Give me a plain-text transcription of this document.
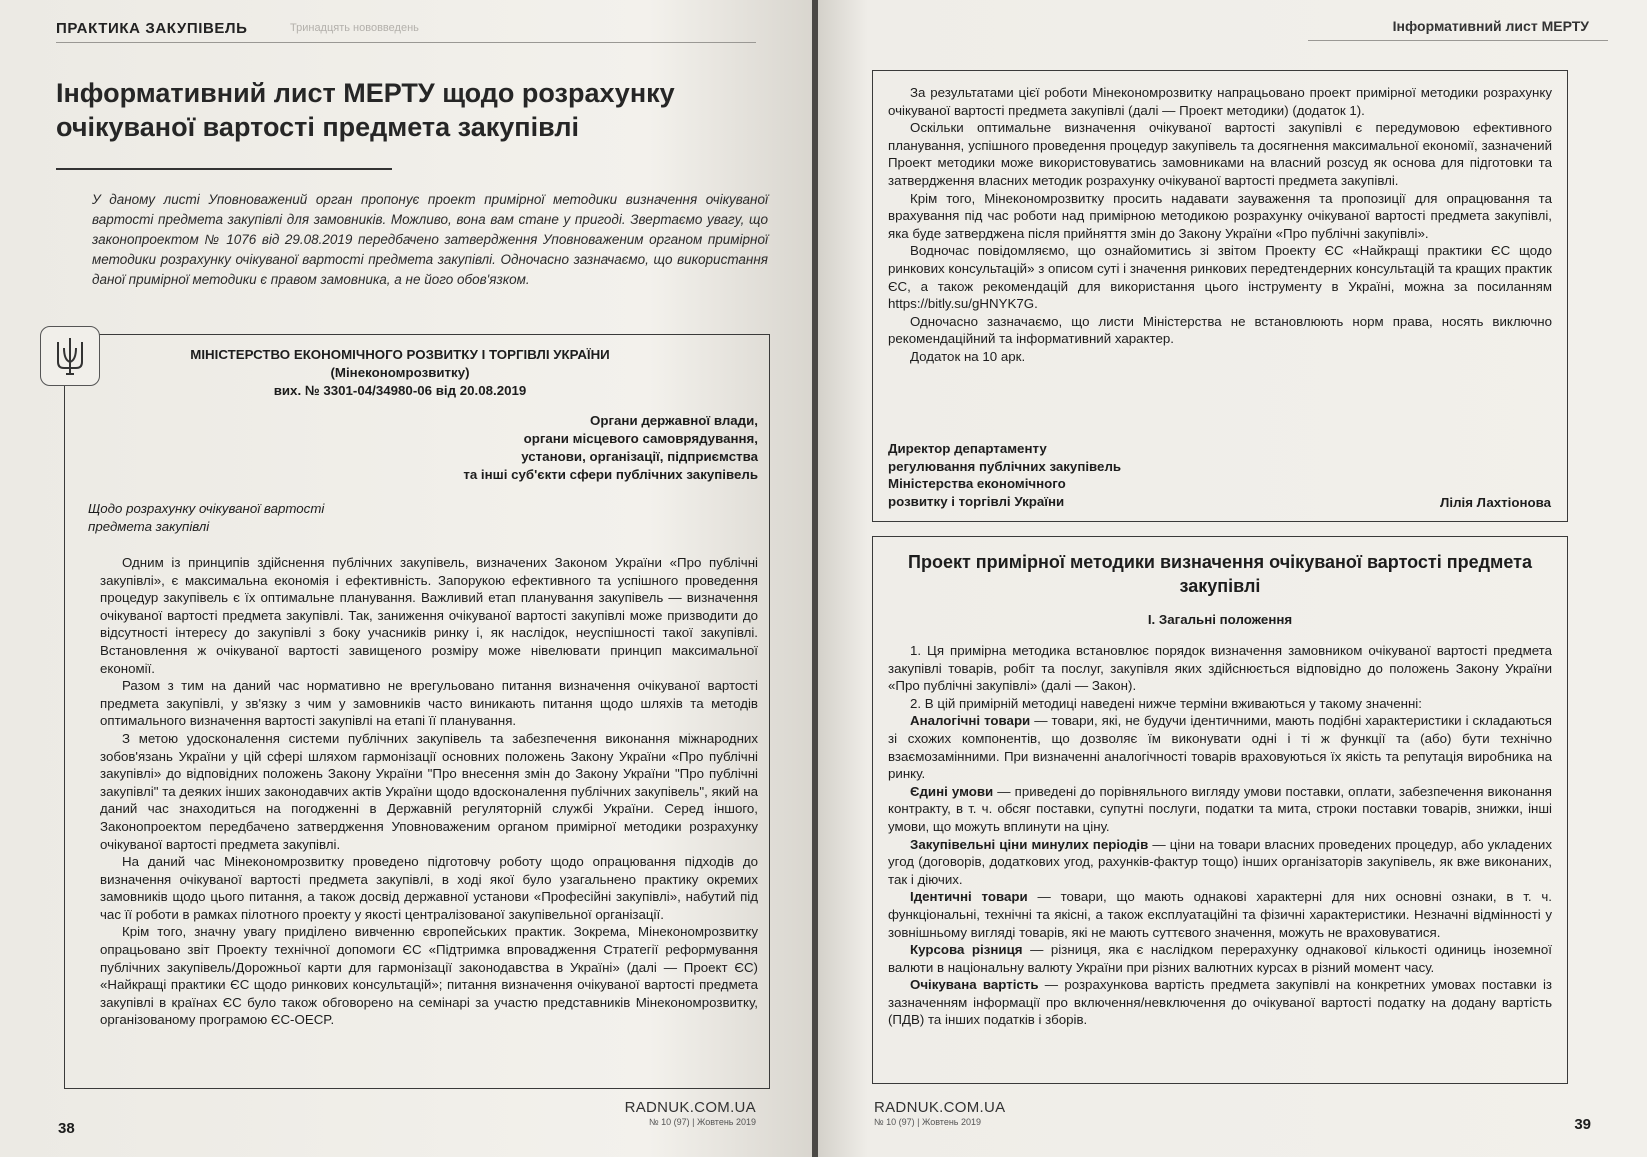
ПРАКТИКА ЗАКУПІВЕЛЬ	Тринадцять нововведень
Інформативний лист МЕРТУ щодо розрахунку очікуваної вартості предмета закупівлі
У даному листі Уповноважений орган пропонує проект примірної методики визначення очікуваної вартості предмета закупівлі для замовників. Можливо, вона вам стане у пригоді. Звертаємо увагу, що законопроектом № 1076 від 29.08.2019 передбачено затвердження Уповноваженим органом примірної методики розрахунку очікуваної вартості предмета закупівлі. Одночасно зазначаємо, що використання даної примірної методики є правом замовника, а не його обов'язком.
МІНІСТЕРСТВО ЕКОНОМІЧНОГО РОЗВИТКУ І ТОРГІВЛІ УКРАЇНИ
(Мінекономрозвитку)
вих. № 3301-04/34980-06 від 20.08.2019
Органи державної влади,
органи місцевого самоврядування,
установи, організації, підприємства
та інші суб'єкти сфери публічних закупівель
Щодо розрахунку очікуваної вартості предмета закупівлі

Одним із принципів здійснення публічних закупівель, визначених Законом України «Про публічні закупівлі», є максимальна економія і ефективність. Запорукою ефективного та успішного проведення процедур закупівель є їх оптимальне планування. Важливий етап планування закупівель — визначення очікуваної вартості предмета закупівлі. Так, заниження очікуваної вартості закупівлі може призводити до відсутності інтересу до закупівлі з боку учасників ринку і, як наслідок, неуспішності такої закупівлі. Встановлення ж очікуваної вартості завищеного розміру може нівелювати принцип максимальної економії.

Разом з тим на даний час нормативно не врегульовано питання визначення очікуваної вартості предмета закупівлі, у зв'язку з чим у замовників часто виникають питання щодо шляхів та методів оптимального визначення вартості закупівлі на етапі її планування.

З метою удосконалення системи публічних закупівель та забезпечення виконання міжнародних зобов'язань України у цій сфері шляхом гармонізації основних положень Закону України «Про публічні закупівлі» до відповідних положень Закону України "Про внесення змін до Закону України "Про публічні закупівлі" та деяких інших законодавчих актів України щодо вдосконалення публічних закупівель", який на даний час знаходиться на погодженні в Державній регуляторній службі України. Серед іншого, Законопроектом передбачено затвердження Уповноваженим органом примірної методики розрахунку очікуваної вартості предмета закупівлі.

На даний час Мінекономрозвитку проведено підготовчу роботу щодо опрацювання підходів до визначення очікуваної вартості предмета закупівлі, в ході якої було узагальнено практику окремих замовників щодо цього питання, а також досвід державної установи «Професійні закупівлі», набутий під час її роботи в рамках пілотного проекту у якості централізованої закупівельної організації.

Крім того, значну увагу приділено вивченню європейських практик. Зокрема, Мінекономрозвитку опрацьовано звіт Проекту технічної допомоги ЄС «Підтримка впровадження Стратегії реформування публічних закупівель/Дорожньої карти для гармонізації законодавства в Україні» (далі — Проект ЄС) «Найкращі практики ЄС щодо ринкових консультацій»; питання визначення очікуваної вартості предмета закупівлі в країнах ЄС було також обговорено на семінарі за участю представників Мінекономрозвитку, організованому програмою ЄС-OECP.

38
RADNUK.COM.UA
№ 10 (97) | Жовтень 2019
Інформативний лист МЕРТУ

За результатами цієї роботи Мінекономрозвитку напрацьовано проект примірної методики розрахунку очікуваної вартості предмета закупівлі (далі — Проект методики) (додаток 1).

Оскільки оптимальне визначення очікуваної вартості закупівлі є передумовою ефективного планування, успішного проведення процедур закупівель та досягнення максимальної економії, зазначений Проект методики може використовуватись замовниками на власний розсуд як основа для підготовки та затвердження власних методик розрахунку очікуваної вартості предмета закупівлі.

Крім того, Мінекономрозвитку просить надавати зауваження та пропозиції для опрацювання та врахування під час роботи над примірною методикою розрахунку очікуваної вартості предмета закупівлі, яка буде затверджена після прийняття змін до Закону України «Про публічні закупівлі».

Водночас повідомляємо, що ознайомитись зі звітом Проекту ЄС «Найкращі практики ЄС щодо ринкових консультацій» з описом суті і значення ринкових передтендерних консультацій та кращих практик ЄС, а також рекомендацій для використання цього інструменту в Україні, можна за посиланням https://bitly.su/gHNYK7G.

Одночасно зазначаємо, що листи Міністерства не встановлюють норм права, носять виключно рекомендаційний та інформативний характер.

Додаток на 10 арк.

Директор департаменту
регулювання публічних закупівель
Міністерства економічного
розвитку і торгівлі України	Лілія Лахтіонова
Проект примірної методики визначення очікуваної вартості предмета закупівлі
І. Загальні положення

1. Ця примірна методика встановлює порядок визначення замовником очікуваної вартості предмета закупівлі товарів, робіт та послуг, закупівля яких здійснюється відповідно до положень Закону України «Про публічні закупівлі» (далі — Закон).

2. В цій примірній методиці наведені нижче терміни вживаються у такому значенні:

Аналогічні товари — товари, які, не будучи ідентичними, мають подібні характеристики і складаються зі схожих компонентів, що дозволяє їм виконувати одні і ті ж функції та (або) бути технічно взаємозамінними. При визначенні аналогічності товарів враховуються їх якість та репутація виробника на ринку.

Єдині умови — приведені до порівняльного вигляду умови поставки, оплати, забезпечення виконання контракту, в т. ч. обсяг поставки, супутні послуги, податки та мита, строки поставки товарів, знижки, інші умови, що можуть вплинути на ціну.

Закупівельні ціни минулих періодів — ціни на товари власних проведених процедур, або укладених угод (договорів, додаткових угод, рахунків-фактур тощо) інших організаторів закупівель, як вже виконаних, так і діючих.

Ідентичні товари — товари, що мають однакові характерні для них основні ознаки, в т. ч. функціональні, технічні та якісні, а також експлуатаційні та фізичні характеристики. Незначні відмінності у зовнішньому вигляді товарів, які не мають суттєвого значення, можуть не враховуватися.

Курсова різниця — різниця, яка є наслідком перерахунку однакової кількості одиниць іноземної валюти в національну валюту України при різних валютних курсах в різний момент часу.

Очікувана вартість — розрахункова вартість предмета закупівлі на конкретних умовах поставки із зазначенням інформації про включення/невключення до очікуваної вартості податку на додану вартість (ПДВ) та інших податків і зборів.

RADNUK.COM.UA
№ 10 (97) | Жовтень 2019	39
